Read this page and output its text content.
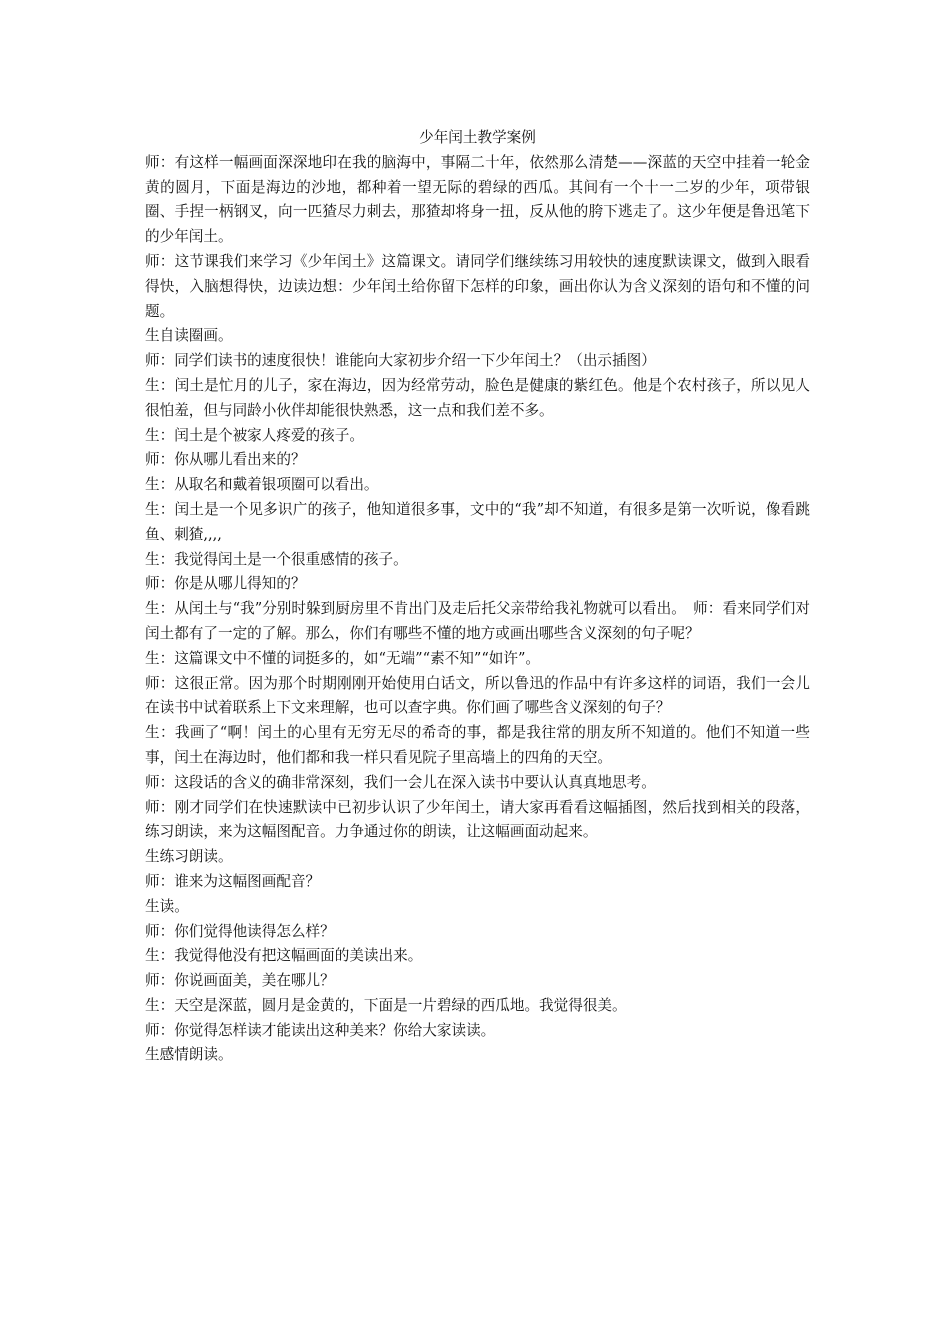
少年闰土教学案例

师：有这样一幅画面深深地印在我的脑海中，事隔二十年，依然那么清楚——深蓝的天空中挂着一轮金黄的圆月，下面是海边的沙地，都种着一望无际的碧绿的西瓜。其间有一个十一二岁的少年，项带银圈、手捏一柄钢叉，向一匹猹尽力刺去，那猹却将身一扭，反从他的胯下逃走了。这少年便是鲁迅笔下的少年闰土。

师：这节课我们来学习《少年闰土》这篇课文。请同学们继续练习用较快的速度默读课文，做到入眼看得快，入脑想得快，边读边想：少年闰土给你留下怎样的印象，画出你认为含义深刻的语句和不懂的问题。

生自读圈画。

师：同学们读书的速度很快！谁能向大家初步介绍一下少年闰土？（出示插图）

生：闰土是忙月的儿子，家在海边，因为经常劳动，脸色是健康的紫红色。他是个农村孩子，所以见人很怕羞，但与同龄小伙伴却能很快熟悉，这一点和我们差不多。

生：闰土是个被家人疼爱的孩子。

师：你从哪儿看出来的？

生：从取名和戴着银项圈可以看出。

生：闰土是一个见多识广的孩子，他知道很多事，文中的“我”却不知道，有很多是第一次听说，像看跳鱼、刺猹,,,,

生：我觉得闰土是一个很重感情的孩子。

师：你是从哪儿得知的？

生：从闰土与“我”分别时躲到厨房里不肯出门及走后托父亲带给我礼物就可以看出。　师：看来同学们对闰土都有了一定的了解。那么，你们有哪些不懂的地方或画出哪些含义深刻的句子呢？

生：这篇课文中不懂的词挺多的，如“无端”“素不知”“如许”。

师：这很正常。因为那个时期刚刚开始使用白话文，所以鲁迅的作品中有许多这样的词语，我们一会儿在读书中试着联系上下文来理解，也可以查字典。你们画了哪些含义深刻的句子？

生：我画了“啊！闰土的心里有无穷无尽的希奇的事，都是我往常的朋友所不知道的。他们不知道一些事，闰土在海边时，他们都和我一样只看见院子里高墙上的四角的天空。

师：这段话的含义的确非常深刻，我们一会儿在深入读书中要认认真真地思考。

师：刚才同学们在快速默读中已初步认识了少年闰土，请大家再看看这幅插图，然后找到相关的段落，练习朗读，来为这幅图配音。力争通过你的朗读，让这幅画面动起来。

生练习朗读。

师：谁来为这幅图画配音？

生读。

师：你们觉得他读得怎么样？

生：我觉得他没有把这幅画面的美读出来。

师：你说画面美，美在哪儿？

生：天空是深蓝，圆月是金黄的，下面是一片碧绿的西瓜地。我觉得很美。

师：你觉得怎样读才能读出这种美来？你给大家读读。

生感情朗读。
